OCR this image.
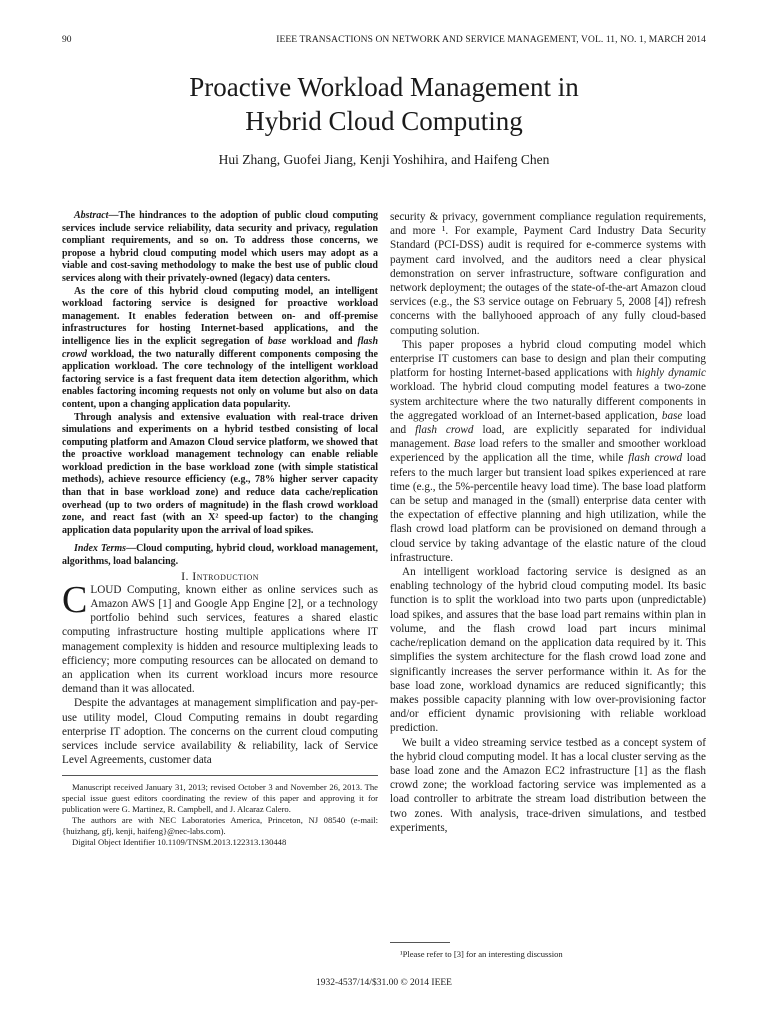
90	IEEE TRANSACTIONS ON NETWORK AND SERVICE MANAGEMENT, VOL. 11, NO. 1, MARCH 2014
Proactive Workload Management in
Hybrid Cloud Computing
Hui Zhang, Guofei Jiang, Kenji Yoshihira, and Haifeng Chen

Abstract—The hindrances to the adoption of public cloud computing services include service reliability, data security and privacy, regulation compliant requirements, and so on. To address those concerns, we propose a hybrid cloud computing model which users may adopt as a viable and cost-saving methodology to make the best use of public cloud services along with their privately-owned (legacy) data centers.

As the core of this hybrid cloud computing model, an intelligent workload factoring service is designed for proactive workload management. It enables federation between on- and off-premise infrastructures for hosting Internet-based applications, and the intelligence lies in the explicit segregation of base workload and flash crowd workload, the two naturally different components composing the application workload. The core technology of the intelligent workload factoring service is a fast frequent data item detection algorithm, which enables factoring incoming requests not only on volume but also on data content, upon a changing application data popularity.

Through analysis and extensive evaluation with real-trace driven simulations and experiments on a hybrid testbed consisting of local computing platform and Amazon Cloud service platform, we showed that the proactive workload management technology can enable reliable workload prediction in the base workload zone (with simple statistical methods), achieve resource efficiency (e.g., 78% higher server capacity than that in base workload zone) and reduce data cache/replication overhead (up to two orders of magnitude) in the flash crowd workload zone, and react fast (with an X² speed-up factor) to the changing application data popularity upon the arrival of load spikes.

Index Terms—Cloud computing, hybrid cloud, workload management, algorithms, load balancing.

I. Introduction

CLOUD Computing, known either as online services such as Amazon AWS [1] and Google App Engine [2], or a technology portfolio behind such services, features a shared elastic computing infrastructure hosting multiple applications where IT management complexity is hidden and resource multiplexing leads to efficiency; more computing resources can be allocated on demand to an application when its current workload incurs more resource demand than it was allocated.

Despite the advantages at management simplification and pay-per-use utility model, Cloud Computing remains in doubt regarding enterprise IT adoption. The concerns on the current cloud computing services include service availability & reliability, lack of Service Level Agreements, customer data

Manuscript received January 31, 2013; revised October 3 and November 26, 2013. The special issue guest editors coordinating the review of this paper and approving it for publication were G. Martinez, R. Campbell, and J. Alcaraz Calero.

The authors are with NEC Laboratories America, Princeton, NJ 08540 (e-mail: {huizhang, gfj, kenji, haifeng}@nec-labs.com).

Digital Object Identifier 10.1109/TNSM.2013.122313.130448

security & privacy, government compliance regulation requirements, and more ¹. For example, Payment Card Industry Data Security Standard (PCI-DSS) audit is required for e-commerce systems with payment card involved, and the auditors need a clear physical demonstration on server infrastructure, software configuration and network deployment; the outages of the state-of-the-art Amazon cloud services (e.g., the S3 service outage on February 5, 2008 [4]) refresh concerns with the ballyhooed approach of any fully cloud-based computing solution.

This paper proposes a hybrid cloud computing model which enterprise IT customers can base to design and plan their computing platform for hosting Internet-based applications with highly dynamic workload. The hybrid cloud computing model features a two-zone system architecture where the two naturally different components in the aggregated workload of an Internet-based application, base load and flash crowd load, are explicitly separated for individual management. Base load refers to the smaller and smoother workload experienced by the application all the time, while flash crowd load refers to the much larger but transient load spikes experienced at rare time (e.g., the 5%-percentile heavy load time). The base load platform can be setup and managed in the (small) enterprise data center with the expectation of effective planning and high utilization, while the flash crowd load platform can be provisioned on demand through a cloud service by taking advantage of the elastic nature of the cloud infrastructure.

An intelligent workload factoring service is designed as an enabling technology of the hybrid cloud computing model. Its basic function is to split the workload into two parts upon (unpredictable) load spikes, and assures that the base load part remains within plan in volume, and the flash crowd load part incurs minimal cache/replication demand on the application data required by it. This simplifies the system architecture for the flash crowd load zone and significantly increases the server performance within it. As for the base load zone, workload dynamics are reduced significantly; this makes possible capacity planning with low over-provisioning factor and/or efficient dynamic provisioning with reliable workload prediction.

We built a video streaming service testbed as a concept system of the hybrid cloud computing model. It has a local cluster serving as the base load zone and the Amazon EC2 infrastructure [1] as the flash crowd zone; the workload factoring service was implemented as a load controller to arbitrate the stream load distribution between the two zones. With analysis, trace-driven simulations, and testbed experiments,

¹Please refer to [3] for an interesting discussion

1932-4537/14/$31.00 © 2014 IEEE
